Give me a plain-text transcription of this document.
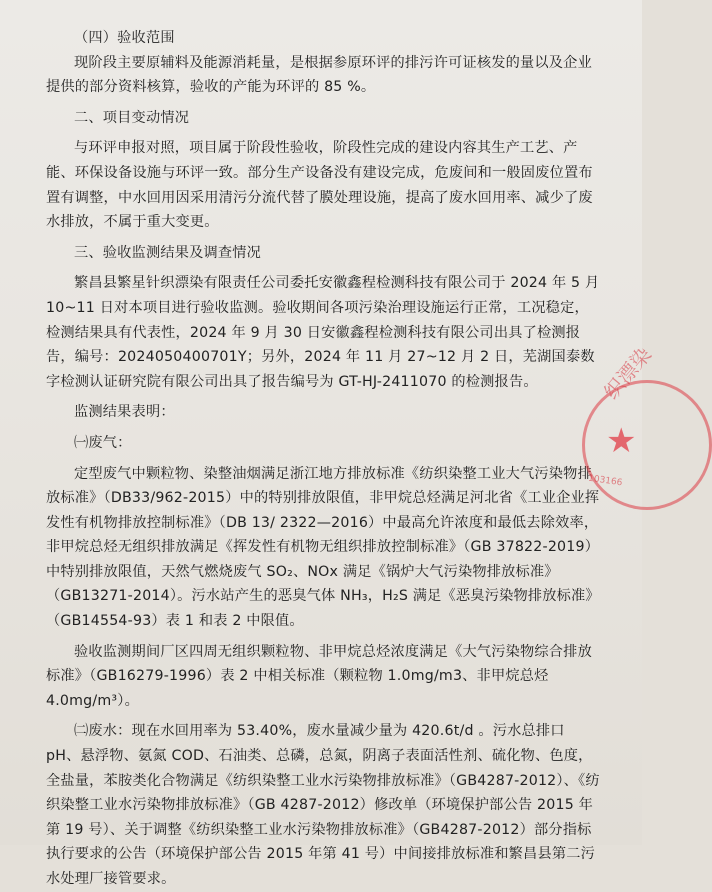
（四）验收范围

现阶段主要原辅料及能源消耗量，是根据参原环评的排污许可证核发的量以及企业提供的部分资料核算，验收的产能为环评的 85 %。

二、项目变动情况

与环评申报对照，项目属于阶段性验收，阶段性完成的建设内容其生产工艺、产能、环保设备设施与环评一致。部分生产设备没有建设完成，危废间和一般固废位置布置有调整，中水回用因采用清污分流代替了膜处理设施，提高了废水回用率、减少了废水排放，不属于重大变更。

三、验收监测结果及调查情况

繁昌县繁星针织漂染有限责任公司委托安徽鑫程检测科技有限公司于 2024 年 5 月 10~11 日对本项目进行验收监测。验收期间各项污染治理设施运行正常，工况稳定，检测结果具有代表性，2024 年 9 月 30 日安徽鑫程检测科技有限公司出具了检测报告，编号：2024050400701Y；另外，2024 年 11 月 27~12 月 2 日，芜湖国泰数字检测认证研究院有限公司出具了报告编号为 GT-HJ-2411070 的检测报告。

监测结果表明：

㈠废气：

定型废气中颗粒物、染整油烟满足浙江地方排放标准《纺织染整工业大气污染物排放标准》（DB33/962-2015）中的特别排放限值，非甲烷总烃满足河北省《工业企业挥发性有机物排放控制标准》（DB 13/ 2322—2016）中最高允许浓度和最低去除效率，非甲烷总烃无组织排放满足《挥发性有机物无组织排放控制标准》（GB 37822-2019）中特别排放限值，天然气燃烧废气 SO₂、NOx 满足《锅炉大气污染物排放标准》（GB13271-2014）。污水站产生的恶臭气体 NH₃，H₂S 满足《恶臭污染物排放标准》（GB14554-93）表 1 和表 2 中限值。

验收监测期间厂区四周无组织颗粒物、非甲烷总烃浓度满足《大气污染物综合排放标准》（GB16279-1996）表 2 中相关标准（颗粒物 1.0mg/m3、非甲烷总烃 4.0mg/m³）。

㈡废水：现在水回用率为 53.40%，废水量减少量为 420.6t/d 。污水总排口 pH、悬浮物、氨氮 COD、石油类、总磷，总氮，阴离子表面活性剂、硫化物、色度，全盐量，苯胺类化合物满足《纺织染整工业水污染物排放标准》（GB4287-2012）、《纺织染整工业水污染物排放标准》（GB 4287-2012）修改单（环境保护部公告 2015 年第 19 号）、关于调整《纺织染整工业水污染物排放标准》（GB4287-2012）部分指标执行要求的公告（环境保护部公告 2015 年第 41 号）中间接排放标准和繁昌县第二污水处理厂接管要求。

织漂染
★
103166
